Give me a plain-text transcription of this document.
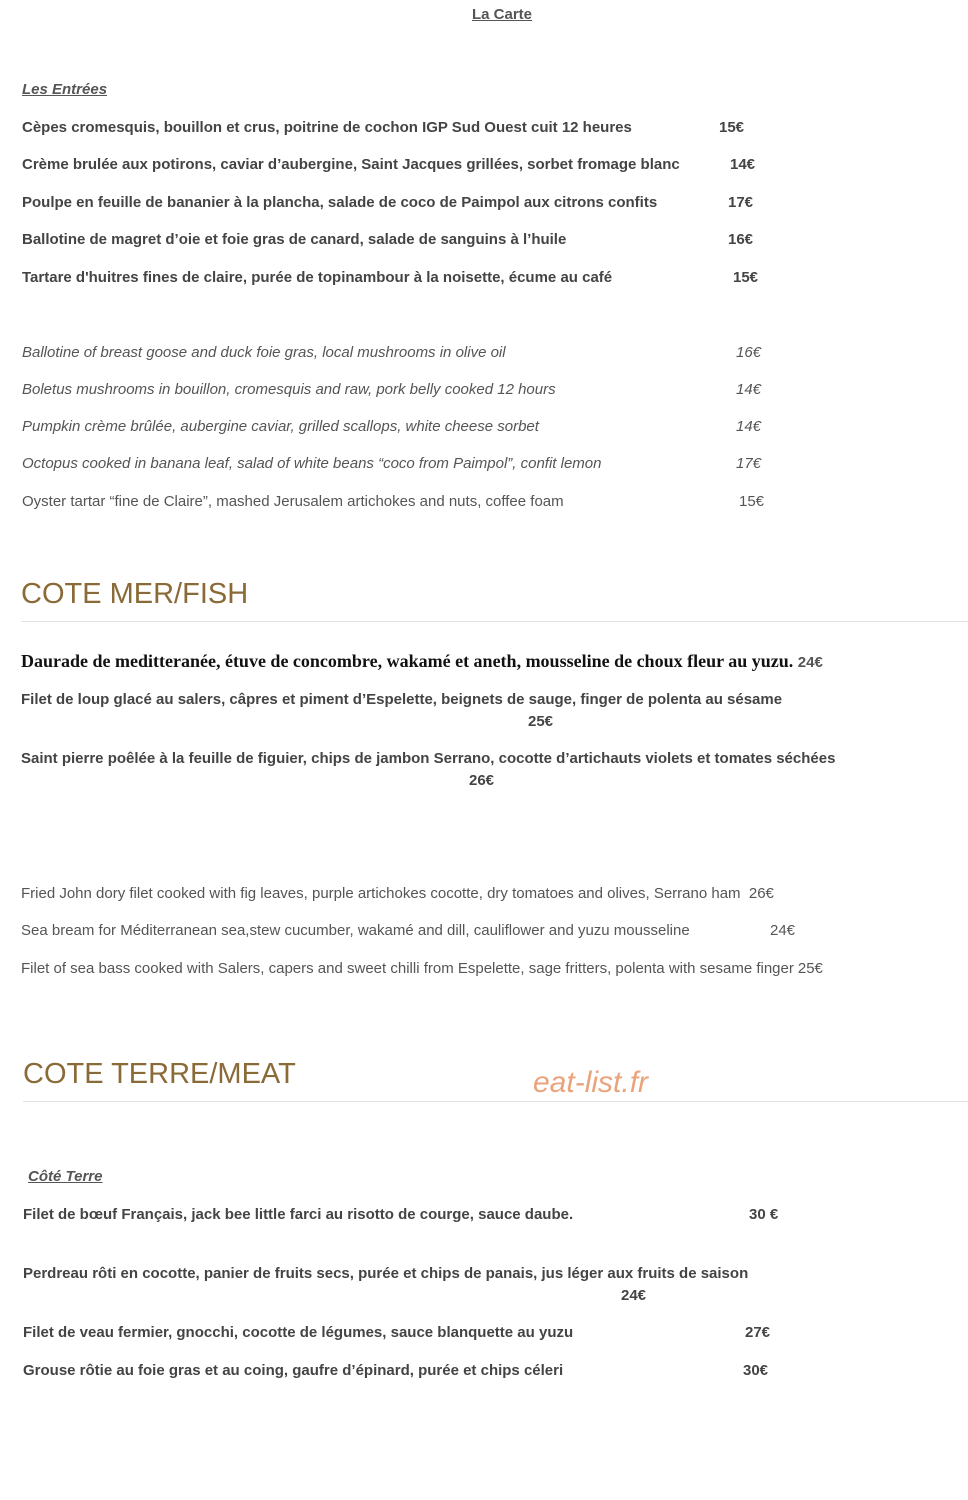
La Carte
Les Entrées
Cèpes cromesquis, bouillon et crus, poitrine de cochon IGP Sud Ouest cuit 12 heures	15€
Crème brulée aux potirons, caviar d’aubergine, Saint Jacques grillées, sorbet fromage blanc	14€
Poulpe en feuille de bananier à la plancha, salade de coco de Paimpol aux citrons confits	17€
Ballotine de magret d’oie et foie gras de canard, salade de sanguins à l’huile	16€
Tartare d'huitres fines de claire, purée de topinambour à la noisette, écume au café	15€
Ballotine of breast goose and duck foie gras, local mushrooms in olive oil	16€
Boletus mushrooms in bouillon, cromesquis and raw, pork belly cooked 12 hours	14€
Pumpkin crème brûlée, aubergine caviar, grilled scallops, white cheese sorbet	14€
Octopus cooked in banana leaf, salad of white beans “coco from Paimpol”, confit lemon	17€
Oyster tartar “fine de Claire”, mashed Jerusalem artichokes and nuts, coffee foam	15€
COTE MER/FISH
Daurade de meditteranée, étuve de concombre, wakamé et aneth, mousseline de choux fleur au yuzu. 24€
Filet de loup glacé au salers, câpres et piment d’Espelette, beignets de sauge, finger de polenta au sésame
25€
Saint pierre poêlée à la feuille de figuier, chips de jambon Serrano, cocotte d’artichauts violets et tomates séchées
26€
Fried John dory filet cooked with fig leaves, purple artichokes cocotte, dry tomatoes and olives, Serrano ham 26€
Sea bream for Méditerranean sea,stew cucumber, wakamé and dill, cauliflower and yuzu mousseline	24€
Filet of sea bass cooked with Salers, capers and sweet chilli from Espelette, sage fritters, polenta with sesame finger 25€
COTE TERRE/MEAT	eat-list.fr
Côté Terre
Filet de bœuf Français, jack bee little farci au risotto de courge, sauce daube.	30 €
Perdreau rôti en cocotte, panier de fruits secs, purée et chips de panais, jus léger aux fruits de saison
24€
Filet de veau fermier, gnocchi, cocotte de légumes, sauce blanquette au yuzu	27€
Grouse rôtie au foie gras et au coing, gaufre d’épinard, purée et chips céleri	30€
